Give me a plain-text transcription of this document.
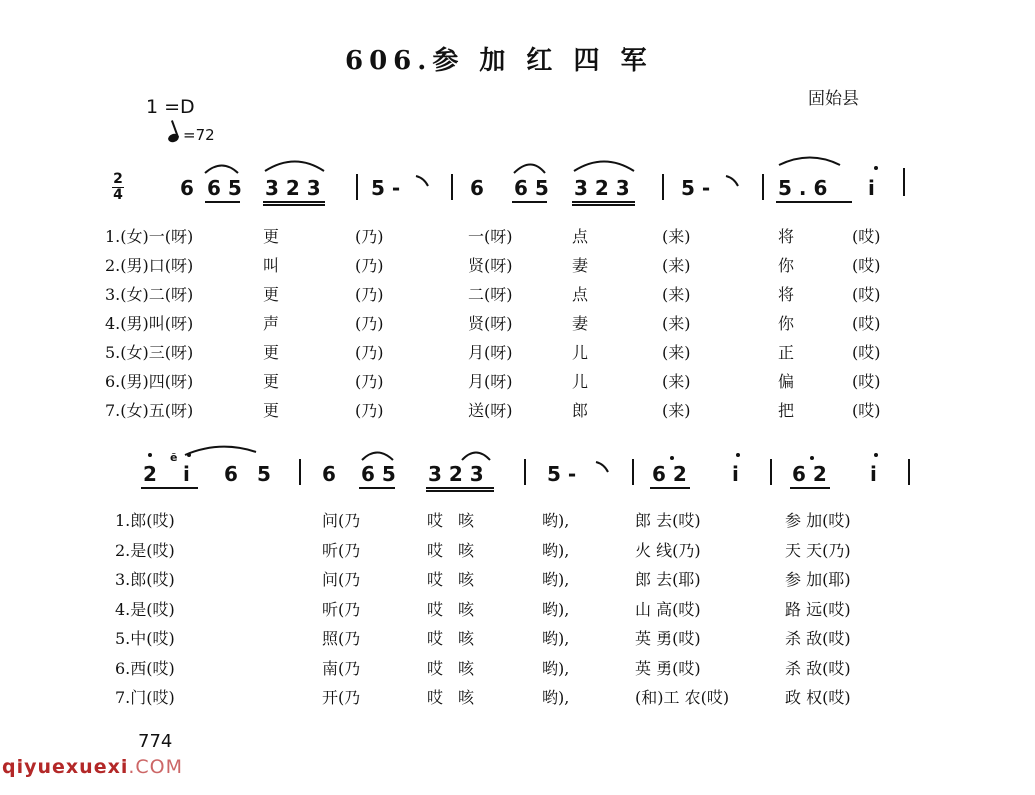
606.参 加 红 四 军
固始县
1 =D
=72
2
4	6 6 5 3 2 3	5 -	6 6 5 3 2 3	5 -	5 . 6 i
2 i 6 5	6 6 5 3 2 3	5 -	6 2 i	6 2 i
ẽ
1.(女)一(呀)	更	(乃)	一(呀)	点	(来)	将	(哎)
2.(男)口(呀)	叫	(乃)	贤(呀)	妻	(来)	你	(哎)
3.(女)二(呀)	更	(乃)	二(呀)	点	(来)	将	(哎)
4.(男)叫(呀)	声	(乃)	贤(呀)	妻	(来)	你	(哎)
5.(女)三(呀)	更	(乃)	月(呀)	儿	(来)	正	(哎)
6.(男)四(呀)	更	(乃)	月(呀)	儿	(来)	偏	(哎)
7.(女)五(呀)	更	(乃)	送(呀)	郎	(来)	把	(哎)
1.郎(哎)	问(乃	哎 咳	哟),	郎 去(哎)	参 加(哎)
2.是(哎)	听(乃	哎 咳	哟),	火 线(乃)	天 天(乃)
3.郎(哎)	问(乃	哎 咳	哟),	郎 去(耶)	参 加(耶)
4.是(哎)	听(乃	哎 咳	哟),	山 高(哎)	路 远(哎)
5.中(哎)	照(乃	哎 咳	哟),	英 勇(哎)	杀 敌(哎)
6.西(哎)	南(乃	哎 咳	哟),	英 勇(哎)	杀 敌(哎)
7.门(哎)	开(乃	哎 咳	哟),	(和)工 农(哎)	政 权(哎)
774
qiyuexuexi.COM
